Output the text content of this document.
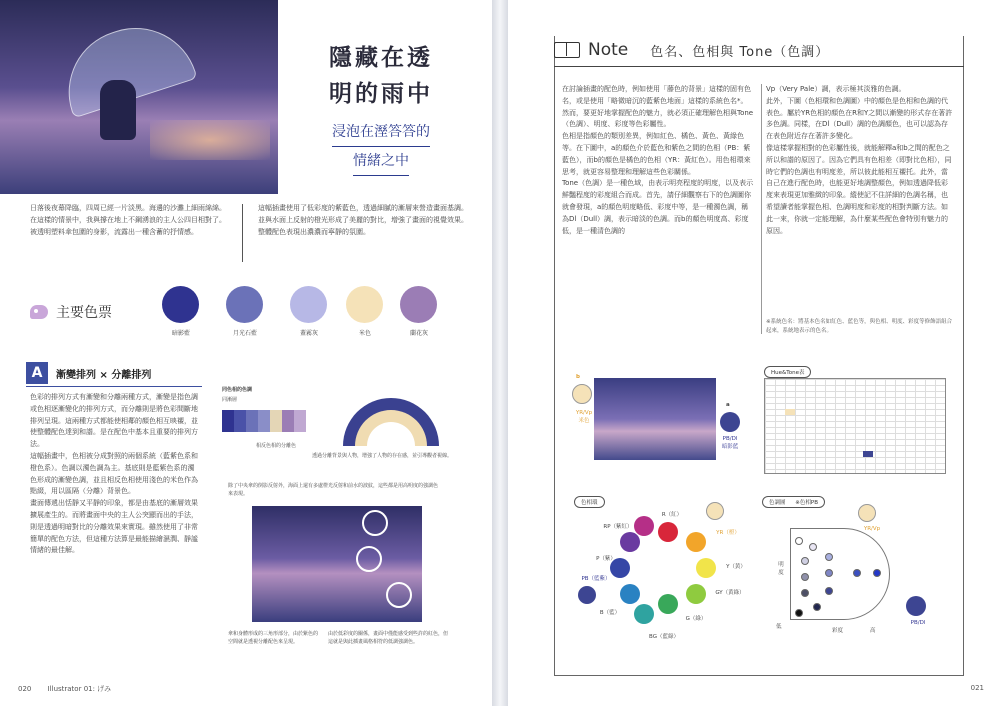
隱藏在透
明的雨中
浸泡在溼答答的
情緒之中

日落後夜幕降臨，四周已經一片淡黑。海邊的沙灘上細雨綿綿。在這樣的情景中，我與撐在地上不鋼湧浪的主人公四目相對了。被透明塑料傘包圍的身影，流露出一種含蓄的抒情感。

這幅插畫使用了低彩度的紫藍色，透過細膩的漸層來營造畫面基調。並與水面上反射的橙光形成了美麗的對比，增強了畫面的視覺效果。整體配色表現出濃濃而寧靜的氛圍。

主要色票
暗影藍	月光石藍	蓋霧灰	米色	蘭花灰
A	漸變排列 × 分離排列

色彩的排列方式有漸變和分離兩種方式，漸變是指色調或色相逐漸變化的排列方式，而分離則是將色彩間斷地排列呈現。這兩種方式都能使相鄰的顏色相互映襯，並使整體配色達到和諧。是在配色中基本且重要的排列方法。
這幅插畫中，色相被分成對照的兩個系統（藍紫色系和橙色系）。色調以濁色調為主。基底則是藍紫色系的濁色形成的漸變色調，並且相反色相使用淺色的米色作為點綴，用以區隔（分離）背景色。
畫面傳遞出恬靜又平靜的印象，都是由基底的漸層效果擴展產生的。而將畫面中央的主人公突顯而出的手法，則是透過明暗對比的分離效果來實現。雖然使用了非常簡單的配色方法，但這種方法算是最能描繪濕潤、靜謐情緒的最佳解。

同色相的色調
同漸層
相反色相的分離色
透過分離背景與人物，增強了人物的存在感，並引導觀者視線。
除了中央傘的倒影反射外，海面上還有多處橙光反射和前水的波紋，這些都是用高明度的強調色來表現。
傘和身體形成的三角形部分，由於紫色的空間就是透視分離配色來呈現。
由於低彩度的關係，畫面中僅能感受到些許的紅色，但這就是與此插畫風格相符的低調強調色。
020 Illustrator 01: げみ
Note 色名、色相與 Tone（色調）

在討論插畫的配色時，例如使用「藤色的背景」這樣的固有色名，或是使用「略微暗沉的藍紫色地面」這樣的系統色名*。然而，要更好地掌握配色的魅力，就必須正確理解色相與Tone（色調）、明度、彩度等色彩屬性。
色相是指顏色的類別差異，例如紅色、橘色、黃色、黃綠色等。在下圖中，a的顏色介於藍色和紫色之間的色相（PB：紫藍色），而b的顏色是橘色的色相（YR：黃紅色）。用色相環來思考，就更容易整理和理解這些色彩關係。
Tone（色調）是一種色域，由表示明亮程度的明度，以及表示鮮豔程度的彩度組合而成。首先，請仔細觀察右下的色調圖你就會發現，a的顏色明度略低、彩度中等，是一種濁色調，稱為Dl（Dull）調，表示暗淡的色調。而b的顏色明度高、彩度低，是一種清色調的

Vp（Very Pale）調，表示極其淡雅的色調。
此外，下圖（色相環和色調圖）中的顏色是色相和色調的代表色。屬於YR色相的顏色在R和Y之間以漸變的形式存在著許多色調。同樣，在Dl（Dull）調的色調顏色，也可以認為存在表色附近存在著許多變化。
像這樣掌握相對的色彩屬性後，就能解釋a和b之間的配色之所以和諧的原因了。因為它們具有色相差（即對比色相），同時它們的色調也有明度差，所以彼此能相互襯托。此外，當自己在進行配色時，也能更好地調整顏色，例如透過降低彩度來表現更加雅緻的印象。縱使記不住詳細的色調名稱，也希望讀者能掌握色相、色調明度和彩度的相對判斷方法。如此一來，你就一定能理解，為什麼某些配色會特別有魅力的原因。

※系統色名：將基本色名如紅色、藍色等，與色相、明度、彩度等修飾語組合起來，系統地表示的色名。

b
YR/Vp
米色
a
PB/Dl
暗影藍
Hue&Tone表
色相環
BG（藍綠）
R（紅）
YR（橙）
Y（黃）
GY（黃綠）
G（綠）
B（藍）
PB（藍紫）
P（紫）
RP（紫紅）
色調圖 ※色相PB
明度
低
彩度	高
YR/Vp
PB/Dl
021
